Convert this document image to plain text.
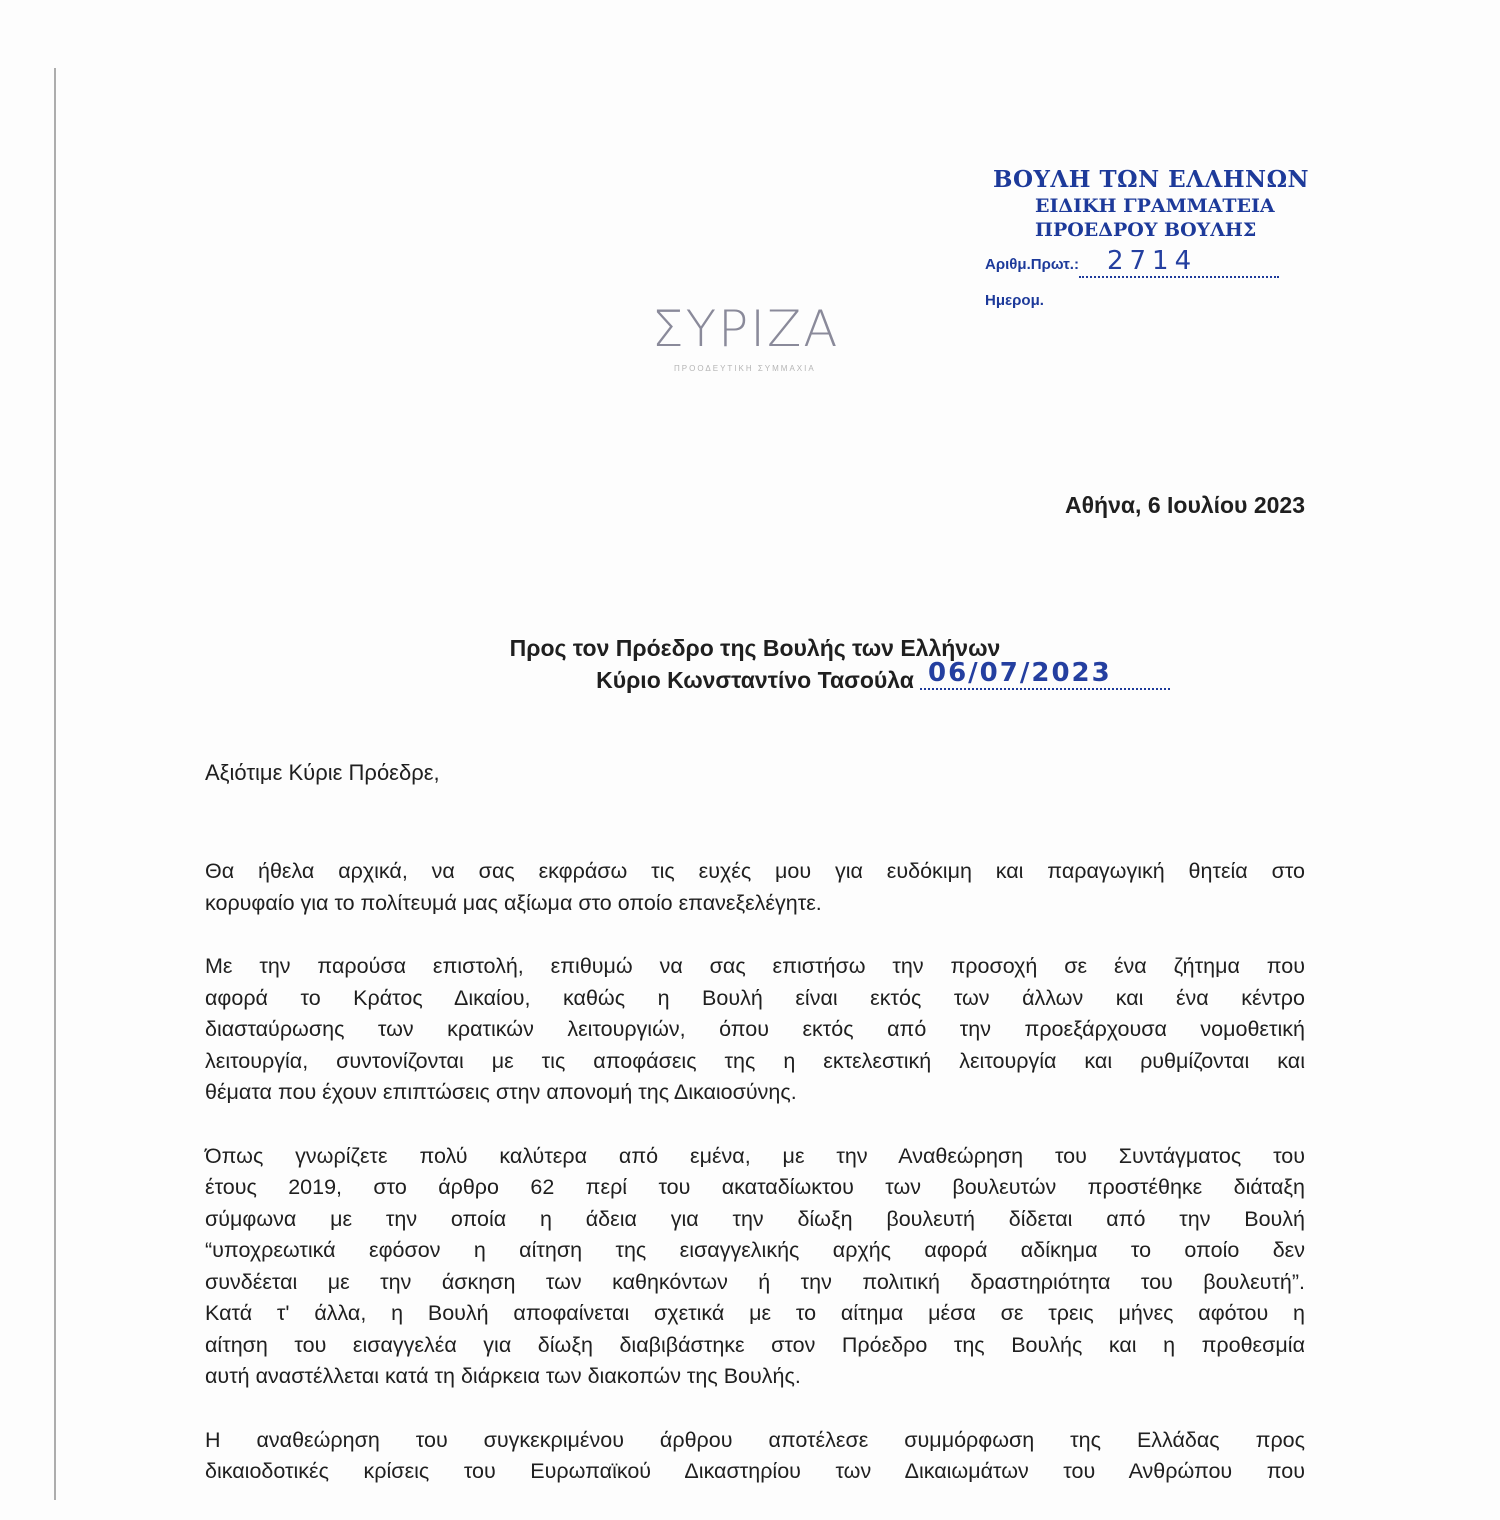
ΒΟΥΛΗ ΤΩΝ ΕΛΛΗΝΩΝ
ΕΙΔΙΚΗ ΓΡΑΜΜΑΤΕΙΑ
ΠΡΟΕΔΡΟΥ ΒΟΥΛΗΣ
Αριθμ.Πρωτ.:	2714
Ημερομ.
06/07/2023
ΣΥΡΙΖΑ
ΠΡΟΟΔΕΥΤΙΚΗ ΣΥΜΜΑΧΙΑ
Αθήνα, 6 Ιουλίου 2023
Προς τον Πρόεδρο της Βουλής των Ελλήνων
Κύριο Κωνσταντίνο Τασούλα
Αξιότιμε Κύριε Πρόεδρε,
Θα ήθελα αρχικά, να σας εκφράσω τις ευχές μου για ευδόκιμη και παραγωγική θητεία στο
κορυφαίο για το πολίτευμά μας αξίωμα στο οποίο επανεξελέγητε.
Με την παρούσα επιστολή, επιθυμώ να σας επιστήσω την προσοχή σε ένα ζήτημα που
αφορά το Κράτος Δικαίου, καθώς η Βουλή είναι εκτός των άλλων και ένα κέντρο
διασταύρωσης των κρατικών λειτουργιών, όπου εκτός από την προεξάρχουσα νομοθετική
λειτουργία, συντονίζονται με τις αποφάσεις της η εκτελεστική λειτουργία και ρυθμίζονται και
θέματα που έχουν επιπτώσεις στην απονομή της Δικαιοσύνης.
Όπως γνωρίζετε πολύ καλύτερα από εμένα, με την Αναθεώρηση του Συντάγματος του
έτους 2019, στο άρθρο 62 περί του ακαταδίωκτου των βουλευτών προστέθηκε διάταξη
σύμφωνα με την οποία η άδεια για την δίωξη βουλευτή δίδεται από την Βουλή
“υποχρεωτικά εφόσον η αίτηση της εισαγγελικής αρχής αφορά αδίκημα το οποίο δεν
συνδέεται με την άσκηση των καθηκόντων ή την πολιτική δραστηριότητα του βουλευτή”.
Κατά τ' άλλα, η Βουλή αποφαίνεται σχετικά με το αίτημα μέσα σε τρεις μήνες αφότου η
αίτηση του εισαγγελέα για δίωξη διαβιβάστηκε στον Πρόεδρο της Βουλής και η προθεσμία
αυτή αναστέλλεται κατά τη διάρκεια των διακοπών της Βουλής.
Η αναθεώρηση του συγκεκριμένου άρθρου αποτέλεσε συμμόρφωση της Ελλάδας προς
δικαιοδοτικές κρίσεις του Ευρωπαϊκού Δικαστηρίου των Δικαιωμάτων του Ανθρώπου που
